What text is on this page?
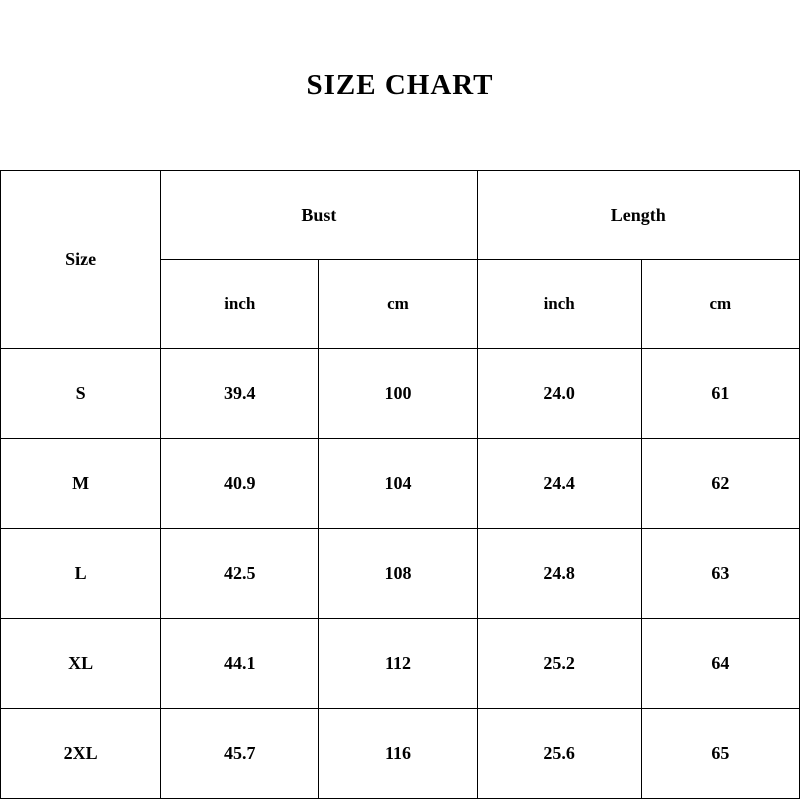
SIZE CHART
Size	Bust		Length	
	inch	cm	inch	cm
S	39.4	100	24.0	61
M	40.9	104	24.4	62
L	42.5	108	24.8	63
XL	44.1	112	25.2	64
2XL	45.7	116	25.6	65
